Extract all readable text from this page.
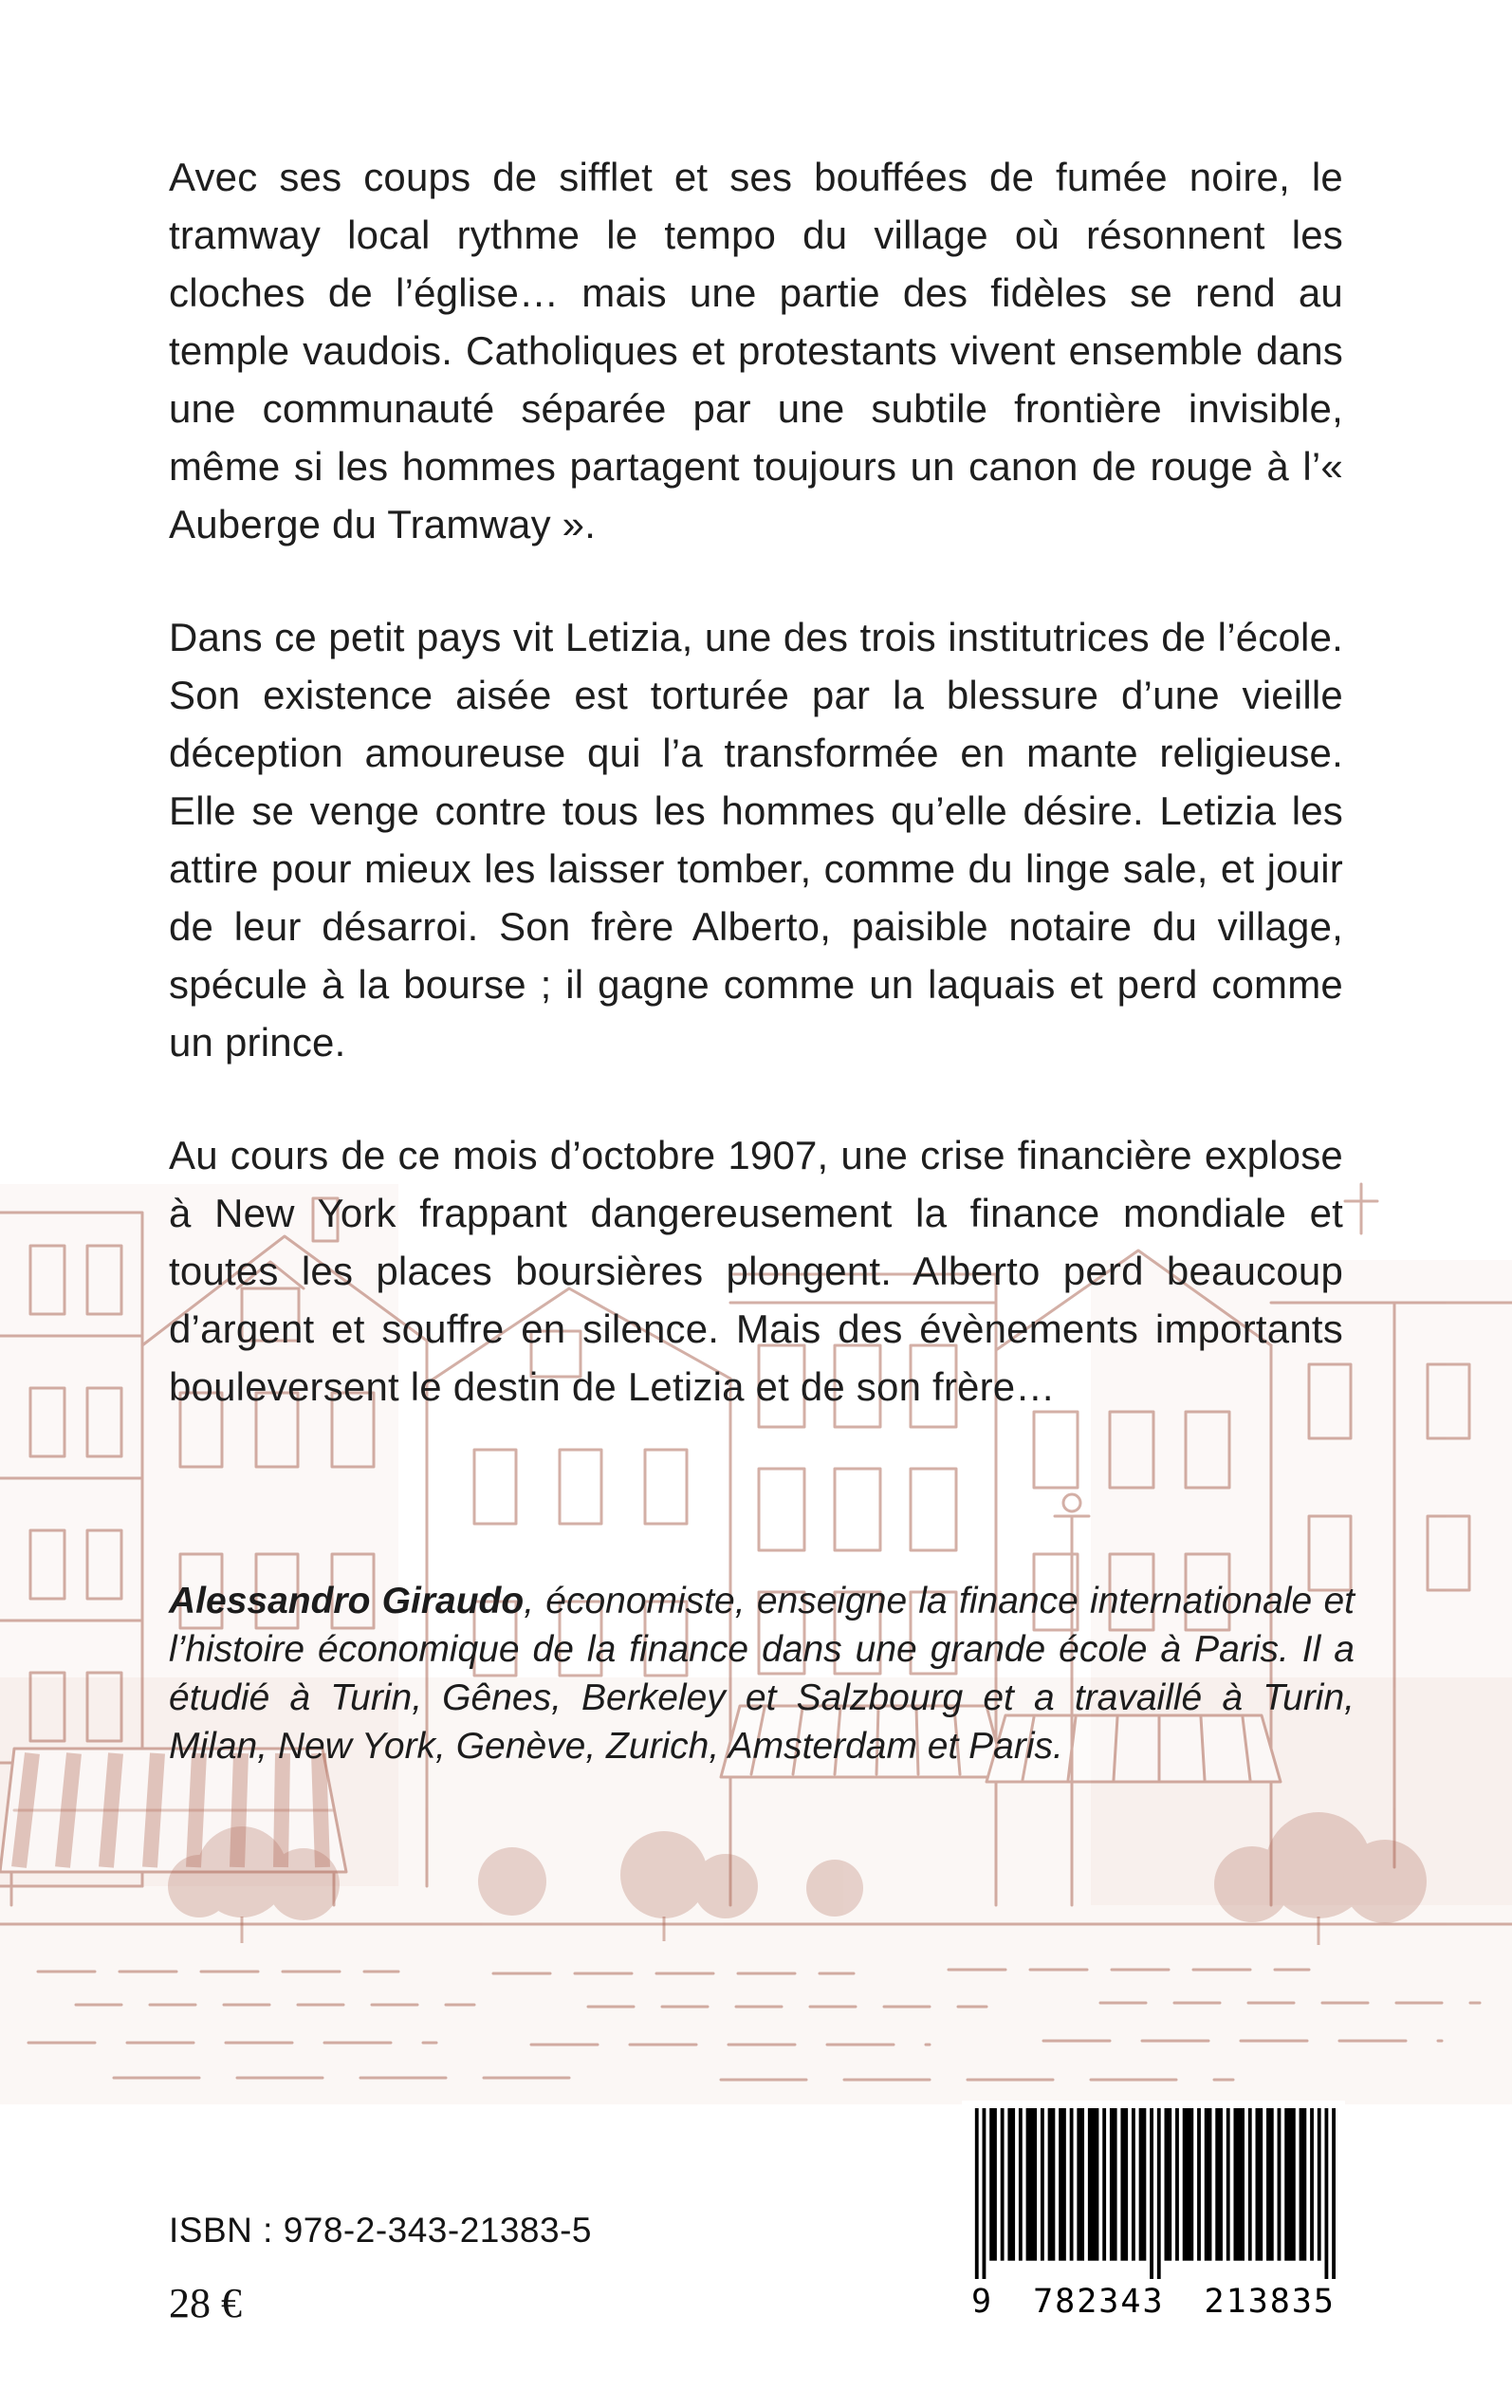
Avec ses coups de sifflet et ses bouffées de fumée noire, le tramway local rythme le tempo du village où résonnent les cloches de l’église… mais une partie des fidèles se rend au temple vaudois. Catholiques et protestants vivent ensemble dans une communauté séparée par une subtile frontière invisible, même si les hommes partagent toujours un canon de rouge à l’« Auberge du Tramway ».

Dans ce petit pays vit Letizia, une des trois institutrices de l’école. Son existence aisée est torturée par la blessure d’une vieille déception amoureuse qui l’a transformée en mante religieuse. Elle se venge contre tous les hommes qu’elle désire. Letizia les attire pour mieux les laisser tomber, comme du linge sale, et jouir de leur désarroi. Son frère Alberto, paisible notaire du village, spécule à la bourse ; il gagne comme un laquais et perd comme un prince.

Au cours de ce mois d’octobre 1907, une crise financière explose à New York frappant dangereusement la finance mondiale et toutes les places boursières plongent. Alberto perd beaucoup d’argent et souffre en silence. Mais des évènements importants bouleversent le destin de Letizia et de son frère…

Alessandro Giraudo, économiste, enseigne la finance internationale et l’histoire économique de la finance dans une grande école à Paris. Il a étudié à Turin, Gênes, Berkeley et Salzbourg et a travaillé à Turin, Milan, New York, Genève, Zurich, Amsterdam et Paris.
ISBN : 978-2-343-21383-5
28 €	9 782343 213835
